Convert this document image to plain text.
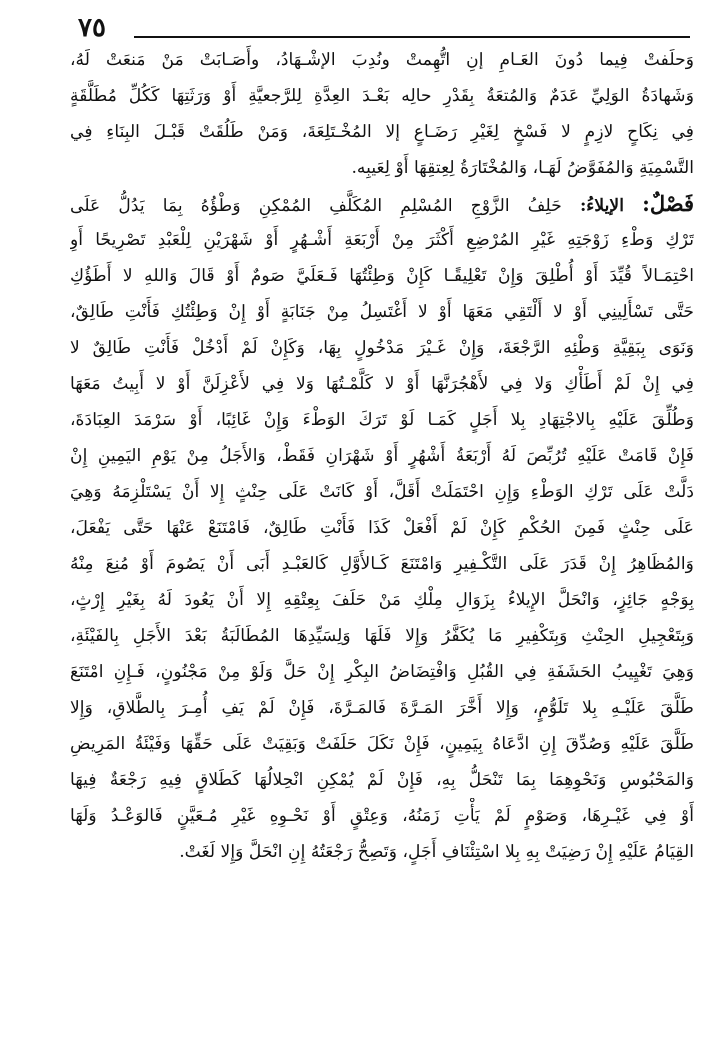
٧٥
وَحلَفتْ فِيما دُونَ العَـامِ إنِ اتُّهِمتْ ونُدِبَ الإشْـهَادُ، وأَصَـابَتْ مَنْ مَنعَتْ لَهُ،
وَشَهادَةُ الوَلِيِّ عَدَمٌ وَالمُتعَةُ بِقَدْرِ حالِه بَعْـدَ العِدَّةِ لِلرَّجعيَّةِ أَوْ وَرَثَتِهَا كَكُلِّ مُطَلَّقَةٍ
فِي نِكَاحٍ لازِمٍ لا فَسْخٍ لِغَيْرِ رَضَـاعٍ إلا المُخْـتَلِعَةَ، وَمَنْ طَلُقَتْ قَبْـلَ البِنَاءِ فِي
التَّسْمِيَةِ وَالمُفَوَّضُ لَهَـا، وَالمُخْتَارَةُ لِعِتقِهَا أَوْ لِعَيبِه.
فَصْلٌ: الإيلاءُ: حَلِفُ الزَّوْجِ المُسْلِمِ المُكَلَّفِ المُمْكِنِ وَطْؤُهُ بِمَا يَدُلُّ عَلَى
تَرْكِ وَطْءِ زَوْجَتِهِ غَيْرِ المُرْضِعِ أَكْثَرَ مِنْ أَرْبَعَةِ أَشْـهُرٍ أَوْ شَهْرَيْنِ لِلْعَبْدِ تَصْرِيحًا أَوِ
احْتِمَـالاً قُيِّدَ أَوْ أُطْلِقَ وَإِنْ تَعْلِيقًـا كَإِنْ وَطِئْتُهَا فَـعَلَيَّ صَومٌ أَوْ قَالَ وَاللهِ لا أَطَؤُكِ
حَتَّى تَسْأَلِينِي أَوْ لا أَلْتَقِي مَعَهَا أَوْ لا أَغْتَسِلُ مِنْ جَنَابَةٍ أَوْ إِنْ وَطِئْتُكِ فَأَنْتِ طَالِقٌ،
وَنَوَى بِبَقِيَّةِ وَطْئِهِ الرَّجْعَةَ، وَإِنْ غَـيْرَ مَدْخُولٍ بِهَا، وَكَإِنْ لَمْ أَدْخُلْ فَأَنْتِ طَالِقٌ لا
فِي إِنْ لَمْ أَطَأْكِ وَلا فِي لأَهْجُرَنَّهَا أَوْ لا كَلَّمْـتُهَا وَلا فِي لأَعْزِلَنَّ أَوْ لا أَبِيتُ مَعَهَا
وَطُلِّقَ عَلَيْهِ بِالاجْتِهَادِ بِلا أَجَلٍ كَمَـا لَوْ تَرَكَ الوَطْءَ وَإِنْ غَائِبًا، أَوْ سَرْمَدَ العِبَادَةَ،
فَإِنْ قَامَتْ عَلَيْهِ تُرُبِّصَ لَهُ أَرْبَعَةُ أَشْهُرٍ أَوْ شَهْرَانِ فَقَطْ، وَالأَجَلُ مِنْ يَوْمِ اليَمِينِ إِنْ
دَلَّتْ عَلَى تَرْكِ الوَطْءِ وَإِنِ احْتَمَلَتْ أَقَلَّ، أَوْ كَانَتْ عَلَى حِنْثٍ إِلا أَنْ يَسْتَلْزِمَهُ وَهِيَ
عَلَى حِنْثٍ فَمِنَ الحُكْمِ كَإِنْ لَمْ أَفْعَلْ كَذَا فَأَنْتِ طَالِقٌ، فَامْتَنَعْ عَنْهَا حَتَّى يَفْعَلَ،
وَالمُظَاهِرُ إِنْ قَدَرَ عَلَى التَّكْـفِيرِ وَامْتَنَعَ كَـالأَوَّلِ كَالعَبْـدِ أَبَى أَنْ يَصُومَ أَوْ مُنِعَ مِنْهُ
بِوَجْهٍ جَائِزٍ، وَانْحَلَّ الإِيلاءُ بِزَوَالِ مِلْكِ مَنْ حَلَفَ بِعِتْقِهِ إِلا أَنْ يَعُودَ لَهُ بِغَيْرِ إِرْثٍ،
وَبِتَعْجِيلِ الحِنْثِ وَبِتَكْفِيرِ مَا يُكَفَّرُ وَإِلا فَلَهَا وَلِسَيِّدِهَا المُطَالَبَةُ بَعْدَ الأَجَلِ بِالفَيْئَةِ،
وَهِيَ تَغْيِيبُ الحَشَفَةِ فِي القُبُلِ وَافْتِضَاضُ البِكْرِ إِنْ حَلَّ وَلَوْ مِنْ مَجْنُونٍ، فَـإِنِ امْتَنَعَ
طَلَّقَ عَلَيْـهِ بِلا تَلَوُّمٍ، وَإِلا أَخَّرَ المَـرَّةَ فَالمَـرَّةَ، فَإِنْ لَمْ يَفِ أُمِـرَ بِالطَّلاقِ، وَإِلا
طَلَّقَ عَلَيْهِ وَصُدِّقَ إِنِ ادَّعَاهُ بِيَمِينٍ، فَإِنْ نَكَلَ حَلَفَتْ وَبَقِيَتْ عَلَى حَقِّهَا وَفَيْئَةُ المَرِيضِ
وَالمَحْبُوسِ وَنَحْوِهِمَا بِمَا تَنْحَلُّ بِهِ، فَإِنْ لَمْ يُمْكِنِ انْحِلالُهَا كَطَلاقٍ فِيهِ رَجْعَةٌ فِيهَا
أَوْ فِي غَيْـرِهَا، وَصَوْمٍ لَمْ يَأْتِ زَمَنُهُ، وَعِتْقٍ أَوْ نَحْـوِهِ غَيْرِ مُـعَيَّنٍ فَالوَعْـدُ وَلَهَا
القِيَامُ عَلَيْهِ إِنْ رَضِيَتْ بِهِ بِلا اسْتِئْنَافِ أَجَلٍ، وَتَصِحُّ رَجْعَتُهُ إِنِ انْحَلَّ وَإِلا لَغَتْ.
